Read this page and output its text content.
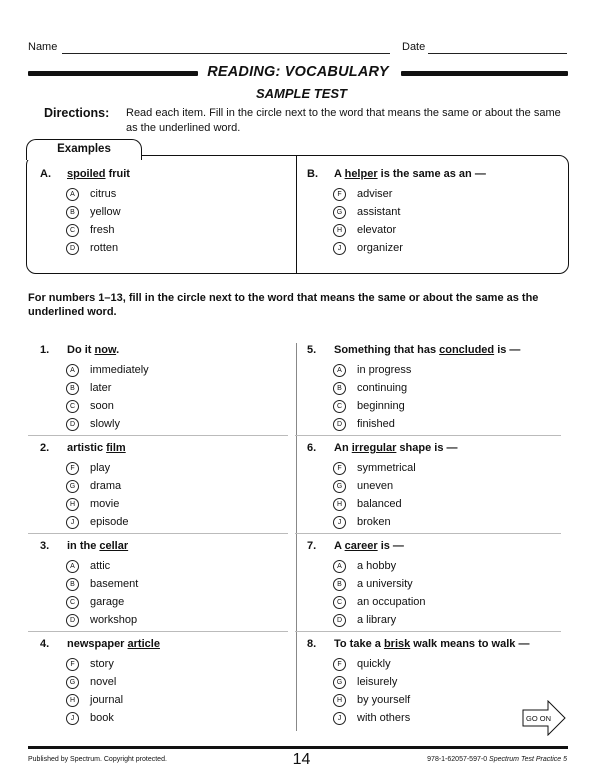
Name	Date
READING: VOCABULARY
SAMPLE TEST
Directions: Read each item. Fill in the circle next to the word that means the same or about the same as the underlined word.
Examples
A.	spoiled fruit
A	citrus
B	yellow
C	fresh
D	rotten
B.	A helper is the same as an —
F	adviser
G	assistant
H	elevator
J	organizer
For numbers 1–13, fill in the circle next to the word that means the same or about the same as the underlined word.
1.	Do it now.
A	immediately
B	later
C	soon
D	slowly
2.	artistic film
F	play
G	drama
H	movie
J	episode
3.	in the cellar
A	attic
B	basement
C	garage
D	workshop
4.	newspaper article
F	story
G	novel
H	journal
J	book
5.	Something that has concluded is —
A	in progress
B	continuing
C	beginning
D	finished
6.	An irregular shape is —
F	symmetrical
G	uneven
H	balanced
J	broken
7.	A career is —
A	a hobby
B	a university
C	an occupation
D	a library
8.	To take a brisk walk means to walk —
F	quickly
G	leisurely
H	by yourself
J	with others	GO ON
Published by Spectrum. Copyright protected.	14	978-1-62057-597-0 Spectrum Test Practice 5
